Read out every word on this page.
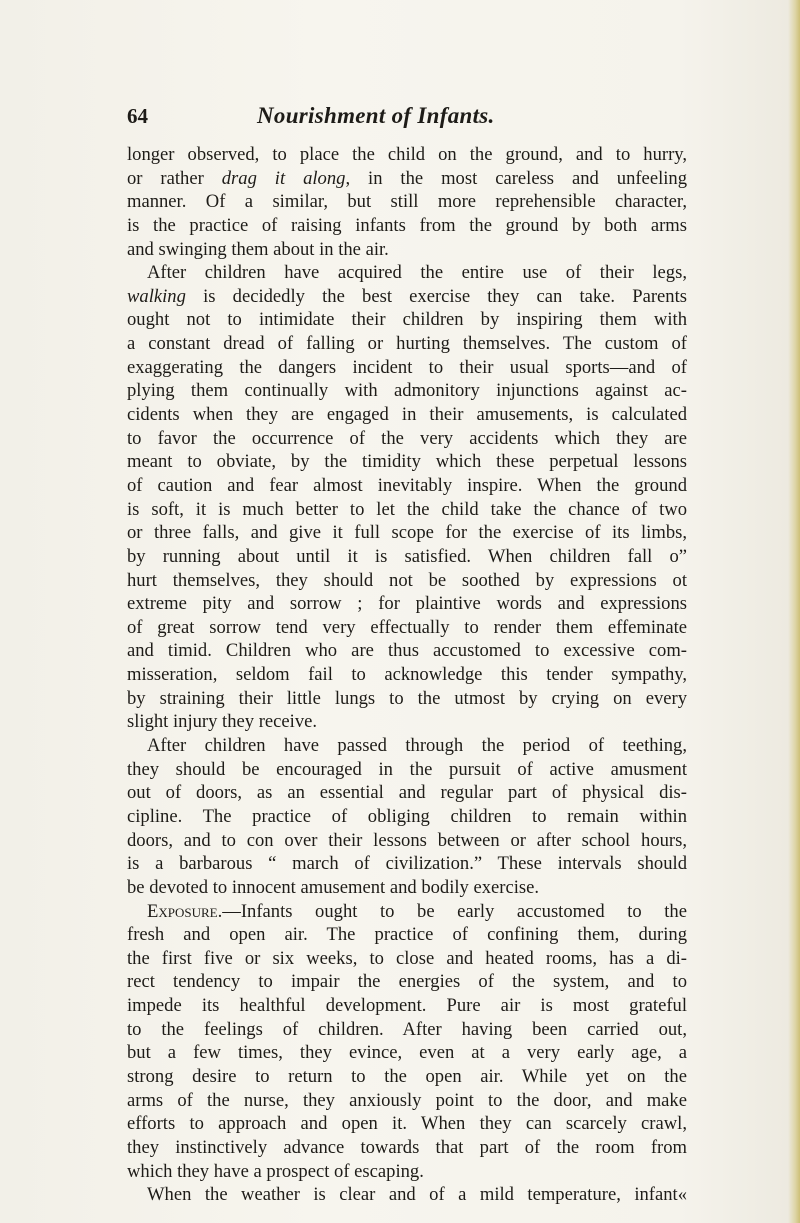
64	Nourishment of Infants.
longer observed, to place the child on the ground, and to hurry,
or rather drag it along, in the most careless and unfeeling
manner. Of a similar, but still more reprehensible character,
is the practice of raising infants from the ground by both arms
and swinging them about in the air.
After children have acquired the entire use of their legs,
walking is decidedly the best exercise they can take. Parents
ought not to intimidate their children by inspiring them with
a constant dread of falling or hurting themselves. The custom of
exaggerating the dangers incident to their usual sports—and of
plying them continually with admonitory injunctions against ac-
cidents when they are engaged in their amusements, is calculated
to favor the occurrence of the very accidents which they are
meant to obviate, by the timidity which these perpetual lessons
of caution and fear almost inevitably inspire. When the ground
is soft, it is much better to let the child take the chance of two
or three falls, and give it full scope for the exercise of its limbs,
by running about until it is satisfied. When children fall o”
hurt themselves, they should not be soothed by expressions ot
extreme pity and sorrow ; for plaintive words and expressions
of great sorrow tend very effectually to render them effeminate
and timid. Children who are thus accustomed to excessive com-
misseration, seldom fail to acknowledge this tender sympathy,
by straining their little lungs to the utmost by crying on every
slight injury they receive.
After children have passed through the period of teething,
they should be encouraged in the pursuit of active amusment
out of doors, as an essential and regular part of physical dis-
cipline. The practice of obliging children to remain within
doors, and to con over their lessons between or after school hours,
is a barbarous “ march of civilization.” These intervals should
be devoted to innocent amusement and bodily exercise.
Exposure.—Infants ought to be early accustomed to the
fresh and open air. The practice of confining them, during
the first five or six weeks, to close and heated rooms, has a di-
rect tendency to impair the energies of the system, and to
impede its healthful development. Pure air is most grateful
to the feelings of children. After having been carried out,
but a few times, they evince, even at a very early age, a
strong desire to return to the open air. While yet on the
arms of the nurse, they anxiously point to the door, and make
efforts to approach and open it. When they can scarcely crawl,
they instinctively advance towards that part of the room from
which they have a prospect of escaping.
When the weather is clear and of a mild temperature, infant«
